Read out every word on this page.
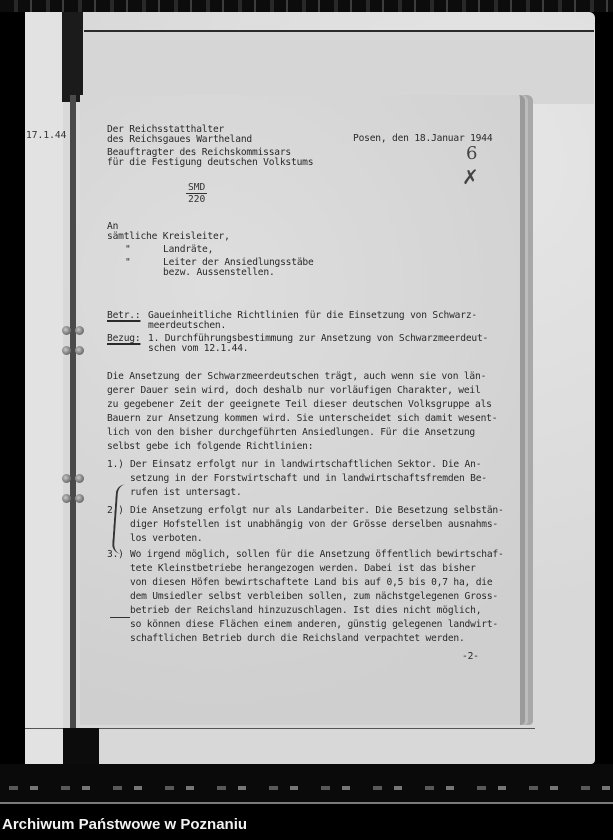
17.1.44
Der Reichsstatthalter
des Reichsgaues Wartheland
Beauftragter des Reichskommissars
für die Festigung deutschen Volkstums
Posen, den 18.Januar 1944
6
✗
SMD
220
An
sämtliche Kreisleiter,
"	Landräte,
"	Leiter der Ansiedlungsstäbe
bezw. Aussenstellen.
Betr.: Gaueinheitliche Richtlinien für die Einsetzung von Schwarz-
meerdeutschen.
Bezug: 1. Durchführungsbestimmung zur Ansetzung von Schwarzmeerdeut-
schen vom 12.1.44.
Die Ansetzung der Schwarzmeerdeutschen trägt, auch wenn sie von län-
gerer Dauer sein wird, doch deshalb nur vorläufigen Charakter, weil
zu gegebener Zeit der geeignete Teil dieser deutschen Volksgruppe als
Bauern zur Ansetzung kommen wird. Sie unterscheidet sich damit wesent-
lich von den bisher durchgeführten Ansiedlungen. Für die Ansetzung
selbst gebe ich folgende Richtlinien:
1.) Der Einsatz erfolgt nur in landwirtschaftlichen Sektor. Die An-
setzung in der Forstwirtschaft und in landwirtschaftsfremden Be-
rufen ist untersagt.
2.) Die Ansetzung erfolgt nur als Landarbeiter. Die Besetzung selbstän-
diger Hofstellen ist unabhängig von der Grösse derselben ausnahms-
los verboten.
3.) Wo irgend möglich, sollen für die Ansetzung öffentlich bewirtschaf-
tete Kleinstbetriebe herangezogen werden. Dabei ist das bisher
von diesen Höfen bewirtschaftete Land bis auf 0,5 bis 0,7 ha, die
dem Umsiedler selbst verbleiben sollen, zum nächstgelegenen Gross-
betrieb der Reichsland hinzuzuschlagen. Ist dies nicht möglich,
so können diese Flächen einem anderen, günstig gelegenen landwirt-
schaftlichen Betrieb durch die Reichsland verpachtet werden.
-2-
Archiwum Państwowe w Poznaniu
